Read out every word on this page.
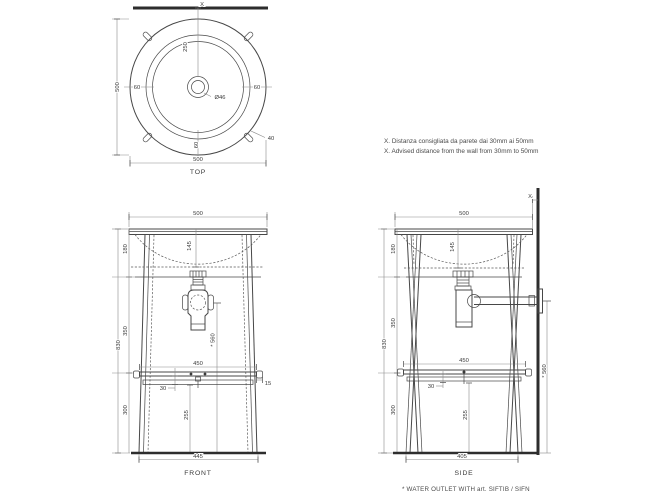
X
250
60	60
60
Ø46
40
500
500
TOP
500
* 560
830
180
350
300
145
450
15
30
255
445
FRONT
X
500
830
180
350
300
145
450
30
255
405
SIDE
* 560
X. Distanza consigliata da parete dai 30mm ai 50mm
X. Advised distance from the wall from 30mm to 50mm
* WATER OUTLET WITH art. SIFTIB / SIFN
